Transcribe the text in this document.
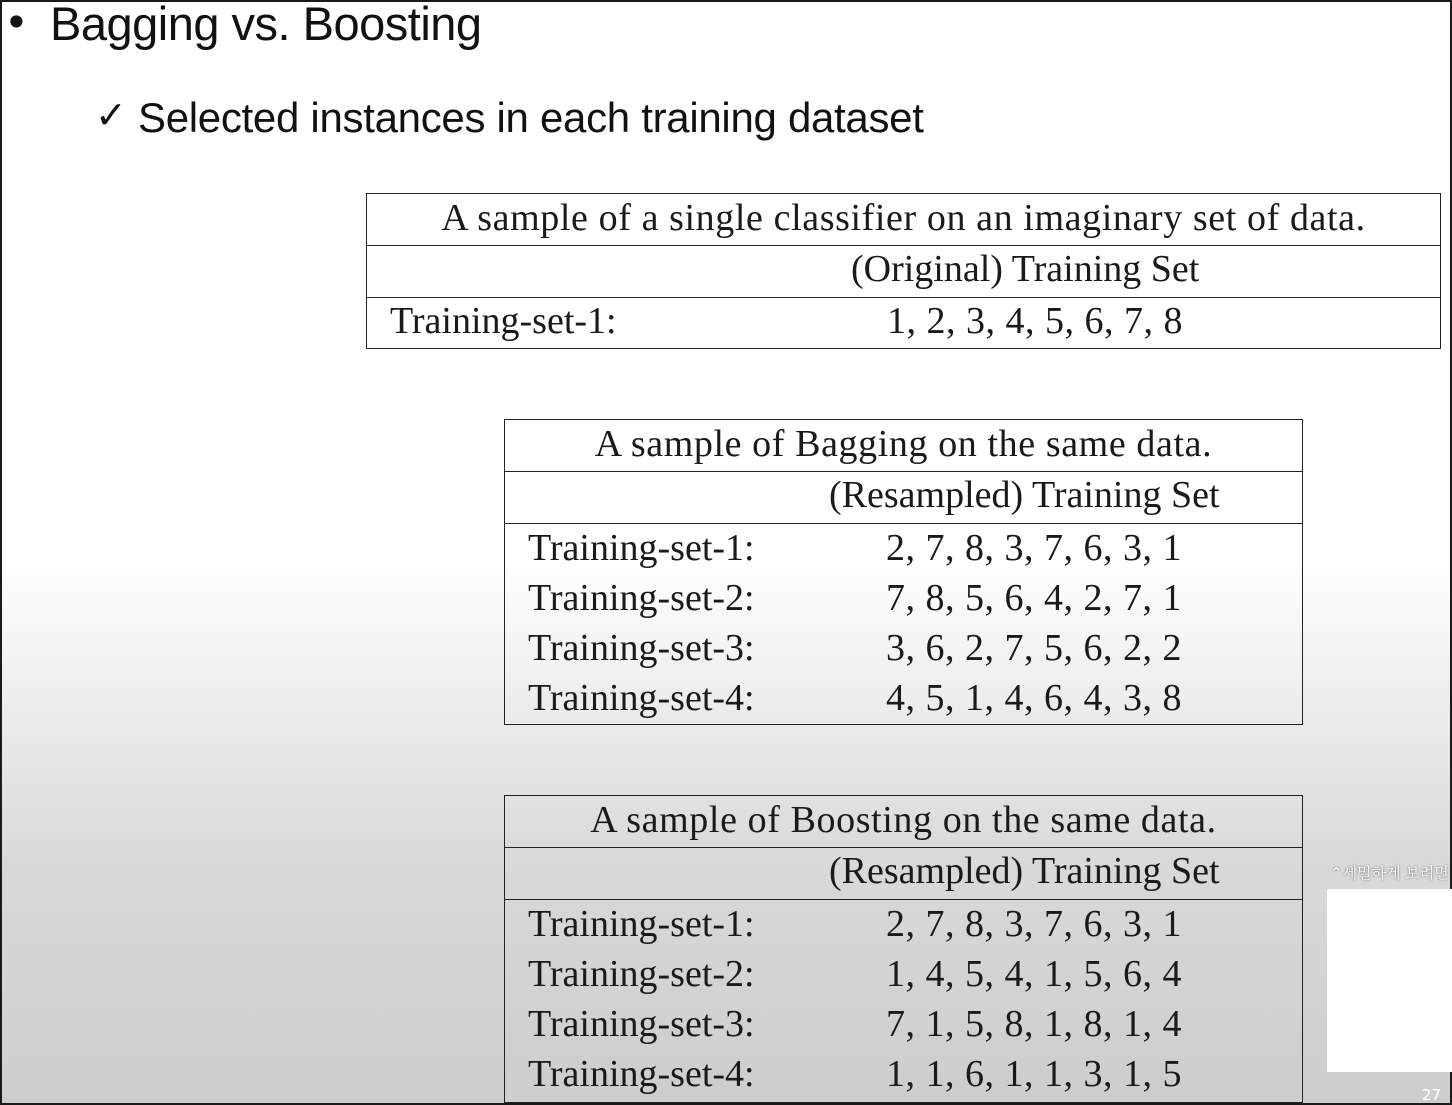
• Bagging vs. Boosting
✓ Selected instances in each training dataset
A sample of a single classifier on an imaginary set of data.
(Original) Training Set
Training-set-1:	1, 2, 3, 4, 5, 6, 7, 8
A sample of Bagging on the same data.
(Resampled) Training Set
Training-set-1:	2, 7, 8, 3, 7, 6, 3, 1
Training-set-2:	7, 8, 5, 6, 4, 2, 7, 1
Training-set-3:	3, 6, 2, 7, 5, 6, 2, 2
Training-set-4:	4, 5, 1, 4, 6, 4, 3, 8
A sample of Boosting on the same data.
(Resampled) Training Set
Training-set-1:	2, 7, 8, 3, 7, 6, 3, 1
Training-set-2:	1, 4, 5, 4, 1, 5, 6, 4
Training-set-3:	7, 1, 5, 8, 1, 8, 1, 4
Training-set-4:	1, 1, 6, 1, 1, 3, 1, 5
⌃세밀하게 보려면
27
